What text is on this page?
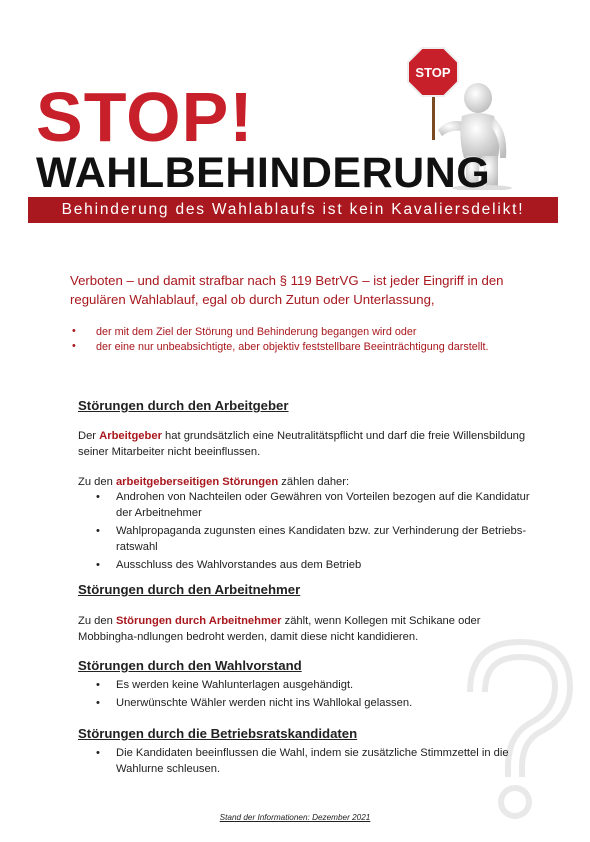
STOP
STOP!
WAHLBEHINDERUNG
Behinderung des Wahlablaufs ist kein Kavaliersdelikt!
Verboten – und damit strafbar nach § 119 BetrVG – ist jeder Eingriff in den regulären Wahlablauf, egal ob durch Zutun oder Unterlassung,
• der mit dem Ziel der Störung und Behinderung begangen wird oder
• der eine nur unbeabsichtigte, aber objektiv feststellbare Beeinträchtigung darstellt.
Störungen durch den Arbeitgeber
Der Arbeitgeber hat grundsätzlich eine Neutralitätspflicht und darf die freie Willensbildung seiner Mitarbeiter nicht beeinflussen.
Zu den arbeitgeberseitigen Störungen zählen daher:
• Androhen von Nachteilen oder Gewähren von Vorteilen bezogen auf die Kandidatur der Arbeitnehmer
• Wahlpropaganda zugunsten eines Kandidaten bzw. zur Verhinderung der Betriebs-ratswahl
• Ausschluss des Wahlvorstandes aus dem Betrieb
Störungen durch den Arbeitnehmer
Zu den Störungen durch Arbeitnehmer zählt, wenn Kollegen mit Schikane oder Mobbingha-ndlungen bedroht werden, damit diese nicht kandidieren.
Störungen durch den Wahlvorstand
• Es werden keine Wahlunterlagen ausgehändigt.
• Unerwünschte Wähler werden nicht ins Wahllokal gelassen.
Störungen durch die Betriebsratskandidaten
• Die Kandidaten beeinflussen die Wahl, indem sie zusätzliche Stimmzettel in die Wahlurne schleusen.
Stand der Informationen: Dezember 2021
